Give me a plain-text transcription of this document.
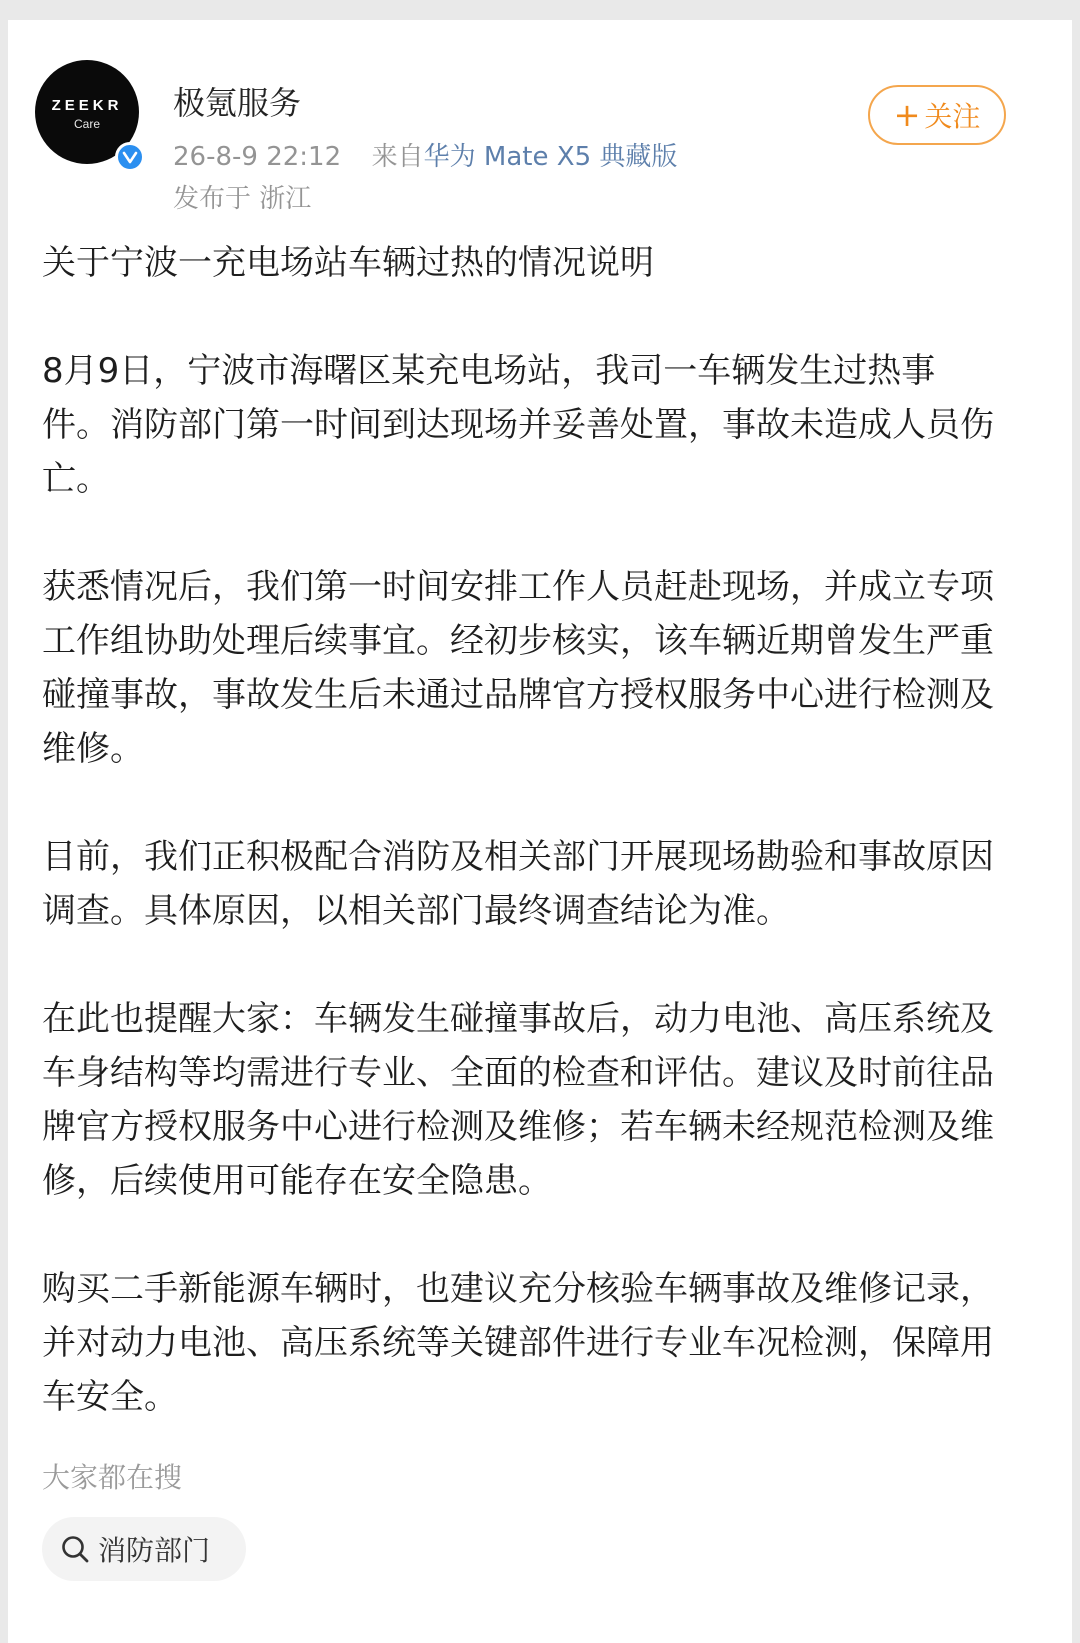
ZEEKR
Care
极氪服务
26-8-9 22:12 来自华为 Mate X5 典藏版
发布于 浙江
+ 关注

关于宁波一充电场站车辆过热的情况说明

8月9日，宁波市海曙区某充电场站，我司一车辆发生过热事件。消防部门第一时间到达现场并妥善处置，事故未造成人员伤亡。

获悉情况后，我们第一时间安排工作人员赶赴现场，并成立专项工作组协助处理后续事宜。经初步核实，该车辆近期曾发生严重碰撞事故，事故发生后未通过品牌官方授权服务中心进行检测及维修。

目前，我们正积极配合消防及相关部门开展现场勘验和事故原因调查。具体原因，以相关部门最终调查结论为准。

在此也提醒大家：车辆发生碰撞事故后，动力电池、高压系统及车身结构等均需进行专业、全面的检查和评估。建议及时前往品牌官方授权服务中心进行检测及维修；若车辆未经规范检测及维修，后续使用可能存在安全隐患。

购买二手新能源车辆时，也建议充分核验车辆事故及维修记录，并对动力电池、高压系统等关键部件进行专业车况检测，保障用车安全。

大家都在搜
消防部门
